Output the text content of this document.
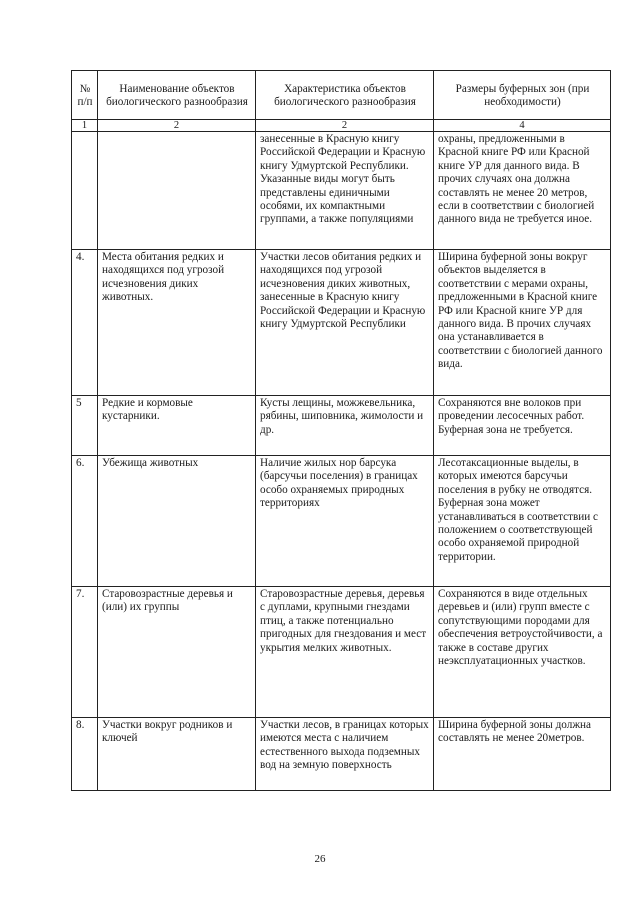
№
п/п	Наименование объектов биологического разнообразия	Характеристика объектов биологического разнообразия	Размеры буферных зон (при необходимости)
1	2	2	4
		занесенные в Красную книгу Российской Федерации и Красную книгу Удмуртской Республики. Указанные виды могут быть представлены единичными особями, их компактными группами, а также популяциями	охраны, предложенными в Красной книге РФ или Красной книге УР для данного вида. В прочих случаях она должна составлять не менее 20 метров, если в соответствии с биологией данного вида не требуется иное.
4.	Места обитания редких и находящихся под угрозой исчезновения диких животных.	Участки лесов обитания редких и находящихся под угрозой исчезновения диких животных, занесенные в Красную книгу Российской Федерации и Красную книгу Удмуртской Республики	Ширина буферной зоны вокруг объектов выделяется в соответствии с мерами охраны, предложенными в Красной книге РФ или Красной книге УР для данного вида. В прочих случаях она устанавливается в соответствии с биологией данного вида.
5	Редкие и кормовые кустарники.	Кусты лещины, можжевельника, рябины, шиповника, жимолости и др.	Сохраняются вне волоков при проведении лесосечных работ. Буферная зона не требуется.
6.	Убежища животных	Наличие жилых нор барсука (барсучьи поселения) в границах особо охраняемых природных территориях	Лесотаксационные выделы, в которых имеются барсучьи поселения в рубку не отводятся. Буферная зона может устанавливаться в соответствии с положением о соответствующей особо охраняемой природной территории.
7.	Старовозрастные деревья и (или) их группы	Старовозрастные деревья, деревья с дуплами, крупными гнездами птиц, а также потенциально пригодных для гнездования и мест укрытия мелких животных.	Сохраняются в виде отдельных деревьев и (или) групп вместе с сопутствующими породами для обеспечения ветроустойчивости, а также в составе других неэксплуатационных участков.
8.	Участки вокруг родников и ключей	Участки лесов, в границах которых имеются места с наличием естественного выхода подземных вод на земную поверхность	Ширина буферной зоны должна составлять не менее 20метров.
26
